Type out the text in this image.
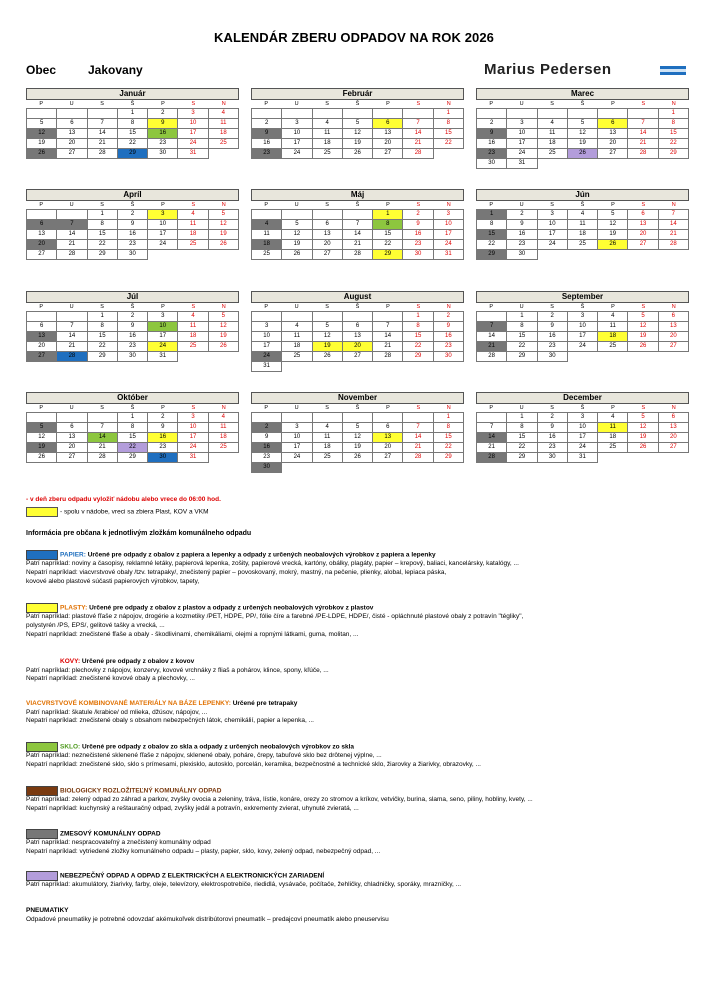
KALENDÁR ZBERU ODPADOV NA ROK 2026
Obec	Jakovany	Marius Pedersen
Január
P	U	S	Š	P	S	N
			1	2	3	4
5	6	7	8	9	10	11
12	13	14	15	16	17	18
19	20	21	22	23	24	25
26	27	28	29	30	31	
Február
P	U	S	Š	P	S	N
						1
2	3	4	5	6	7	8
9	10	11	12	13	14	15
16	17	18	19	20	21	22
23	24	25	26	27	28	
Marec
P	U	S	Š	P	S	N
						1
2	3	4	5	6	7	8
9	10	11	12	13	14	15
16	17	18	19	20	21	22
23	24	25	26	27	28	29
30	31					
Apríl
P	U	S	Š	P	S	N
		1	2	3	4	5
6	7	8	9	10	11	12
13	14	15	16	17	18	19
20	21	22	23	24	25	26
27	28	29	30			
Máj
P	U	S	Š	P	S	N
				1	2	3
4	5	6	7	8	9	10
11	12	13	14	15	16	17
18	19	20	21	22	23	24
25	26	27	28	29	30	31
Jún
P	U	S	Š	P	S	N
1	2	3	4	5	6	7
8	9	10	11	12	13	14
15	16	17	18	19	20	21
22	23	24	25	26	27	28
29	30					
Júl
P	U	S	Š	P	S	N
		1	2	3	4	5
6	7	8	9	10	11	12
13	14	15	16	17	18	19
20	21	22	23	24	25	26
27	28	29	30	31		
August
P	U	S	Š	P	S	N
					1	2
3	4	5	6	7	8	9
10	11	12	13	14	15	16
17	18	19	20	21	22	23
24	25	26	27	28	29	30
31						
September
P	U	S	Š	P	S	N
	1	2	3	4	5	6
7	8	9	10	11	12	13
14	15	16	17	18	19	20
21	22	23	24	25	26	27
28	29	30				
Október
P	U	S	Š	P	S	N
			1	2	3	4
5	6	7	8	9	10	11
12	13	14	15	16	17	18
19	20	21	22	23	24	25
26	27	28	29	30	31	
November
P	U	S	Š	P	S	N
						1
2	3	4	5	6	7	8
9	10	11	12	13	14	15
16	17	18	19	20	21	22
23	24	25	26	27	28	29
30						
December
P	U	S	Š	P	S	N
	1	2	3	4	5	6
7	8	9	10	11	12	13
14	15	16	17	18	19	20
21	22	23	24	25	26	27
28	29	30	31			
- v deň zberu odpadu vyložiť nádobu alebo vrece do 06:00 hod.
- spolu v nádobe, vreci sa zbiera Plast, KOV a VKM
Informácia pre občana k jednotlivým zložkám komunálneho odpadu
PAPIER: Určené pre odpady z obalov z papiera a lepenky a odpady z určených neobalových výrobkov z papiera a lepenky
Patrí napríklad: noviny a časopisy, reklamné letáky, papierová lepenka, zošity, papierové vrecká, kartóny, obálky, plagáty, papier – krepový, baliaci, kancelársky, katalógy, ...
Nepatrí napríklad: viacvrstvové obaly /tzv. tetrapaky/, znečistený papier – povoskovaný, mokrý, mastný, na pečenie, plienky, alobal, lepiaca páska,
kovové alebo plastové súčasti papierových výrobkov, tapety,
PLASTY: Určené pre odpady z obalov z plastov a odpady z určených neobalových výrobkov z plastov
Patrí napríklad: plastové fľaše z nápojov, drogérie a kozmetiky /PET, HDPE, PP/, fólie číre a farebné /PE-LDPE, HDPE/, čisté - opláchnuté plastové obaly z potravín "tégliky",
polystyrén /PS, EPS/, gelitové tašky a vrecká, ...
Nepatrí napríklad: znečistené fľaše a obaly - škodlivinami, chemikáliami, olejmi a ropnými látkami, guma, molitan, ...
KOVY: Určené pre odpady z obalov z kovov
Patrí napríklad: plechovky z nápojov, konzervy, kovové vrchnáky z fliaš a pohárov, klince, spony, kľúče, ...
Nepatrí napríklad: znečistené kovové obaly a plechovky, ...
VIACVRSTVOVÉ KOMBINOVANÉ MATERIÁLY NA BÁZE LEPENKY: Určené pre tetrapaky
Patrí napríklad: škatule /krabice/ od mlieka, džúsov, nápojov, ...
Nepatrí napríklad: znečistené obaly s obsahom nebezpečných látok, chemikálií, papier a lepenka, ...
SKLO: Určené pre odpady z obalov zo skla a odpady z určených neobalových výrobkov zo skla
Patrí napríklad: neznečistené sklenené fľaše z nápojov, sklenené obaly, poháre, črepy, tabuľové sklo bez drôtenej výplne, ...
Nepatrí napríklad: znečistené sklo, sklo s prímesami, plexisklo, autosklo, porcelán, keramika, bezpečnostné a technické sklo, žiarovky a žiarivky, obrazovky, ...
BIOLOGICKY ROZLOŽITEĽNÝ KOMUNÁLNY ODPAD
Patrí napríklad: zelený odpad zo záhrad a parkov, zvyšky ovocia a zeleniny, tráva, lístie, konáre, orezy zo stromov a kríkov, vetvičky, burina, slama, seno, piliny, hobliny, kvety, ...
Nepatrí napríklad: kuchynský a reštauračný odpad, zvyšky jedál a potravín, exkrementy zvierat, uhynuté zvieratá, ...
ZMESOVÝ KOMUNÁLNY ODPAD
Patrí napríklad: nespracovateľný a znečistený komunálny odpad
Nepatrí napríklad: vytriedené zložky komunálneho odpadu – plasty, papier, sklo, kovy, zelený odpad, nebezpečný odpad, ...
NEBEZPEČNÝ ODPAD A ODPAD Z ELEKTRICKÝCH A ELEKTRONICKÝCH ZARIADENÍ
Patrí napríklad: akumulátory, žiarivky, farby, oleje, televízory, elektrospotrebiče, riedidlá, vysávače, počítače, žehličky, chladničky, sporáky, mrazničky, ...
PNEUMATIKY
Odpadové pneumatiky je potrebné odovzdať akémukoľvek distribútorovi pneumatík – predajcovi pneumatík alebo pneuservisu
